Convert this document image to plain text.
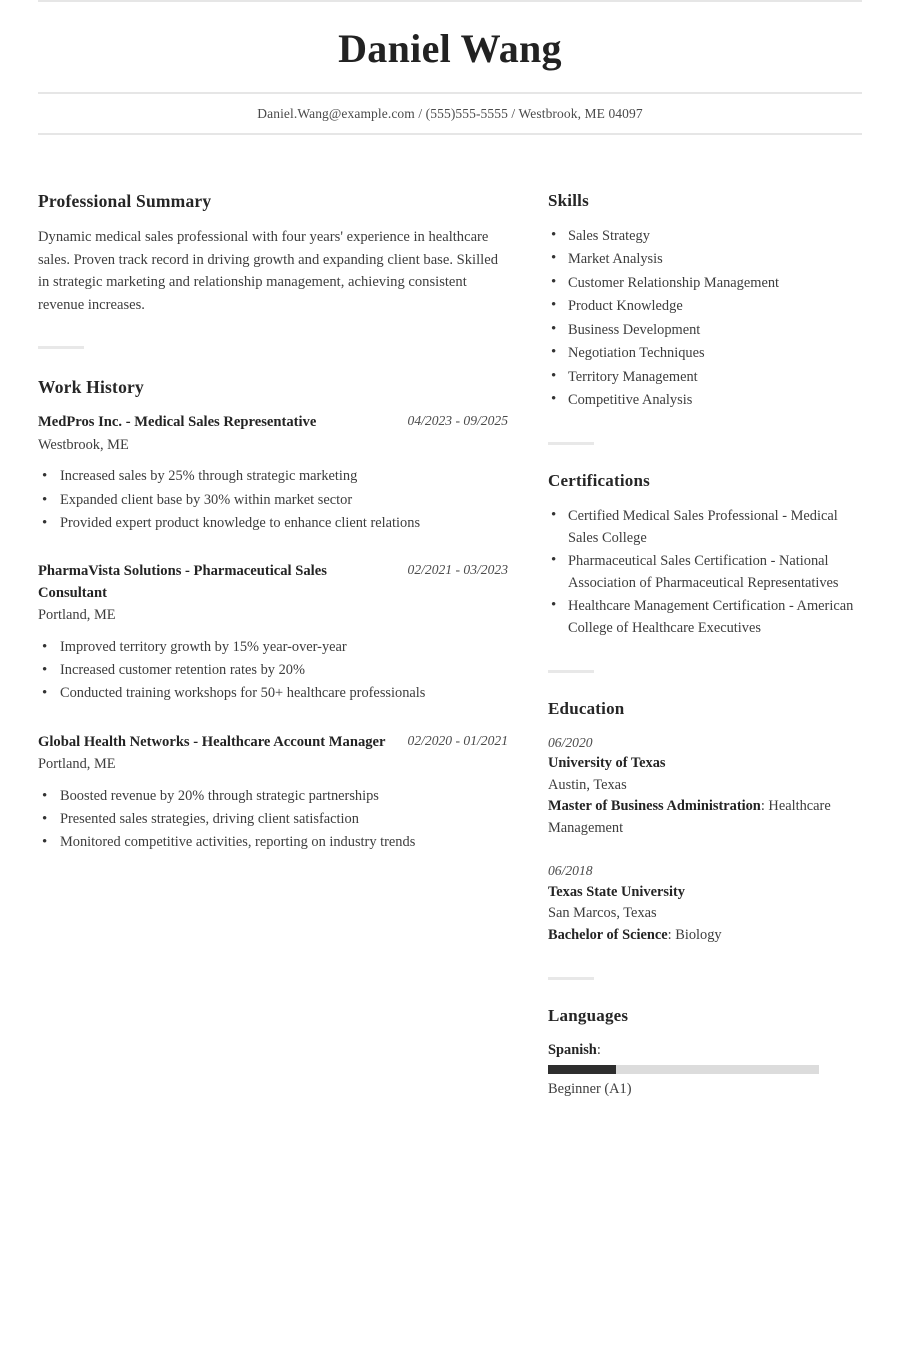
Daniel Wang
Daniel.Wang@example.com / (555)555-5555 / Westbrook, ME 04097
Professional Summary

Dynamic medical sales professional with four years' experience in healthcare sales. Proven track record in driving growth and expanding client base. Skilled in strategic marketing and relationship management, achieving consistent revenue increases.

Work History
MedPros Inc. - Medical Sales Representative	04/2023 - 09/2025
Westbrook, ME
• Increased sales by 25% through strategic marketing
• Expanded client base by 30% within market sector
• Provided expert product knowledge to enhance client relations
PharmaVista Solutions - Pharmaceutical Sales Consultant
02/2021 - 03/2023
Portland, ME
• Improved territory growth by 15% year-over-year
• Increased customer retention rates by 20%
• Conducted training workshops for 50+ healthcare professionals
Global Health Networks - Healthcare Account Manager	02/2020 - 01/2021
Portland, ME
• Boosted revenue by 20% through strategic partnerships
• Presented sales strategies, driving client satisfaction
• Monitored competitive activities, reporting on industry trends
Skills
• Sales Strategy
• Market Analysis
• Customer Relationship Management
• Product Knowledge
• Business Development
• Negotiation Techniques
• Territory Management
• Competitive Analysis
Certifications
• Certified Medical Sales Professional - Medical Sales College
• Pharmaceutical Sales Certification - National Association of Pharmaceutical Representatives
• Healthcare Management Certification - American College of Healthcare Executives
Education
06/2020
University of Texas
Austin, Texas
Master of Business Administration: Healthcare Management
06/2018
Texas State University
San Marcos, Texas
Bachelor of Science: Biology
Languages
Spanish:
Beginner (A1)
